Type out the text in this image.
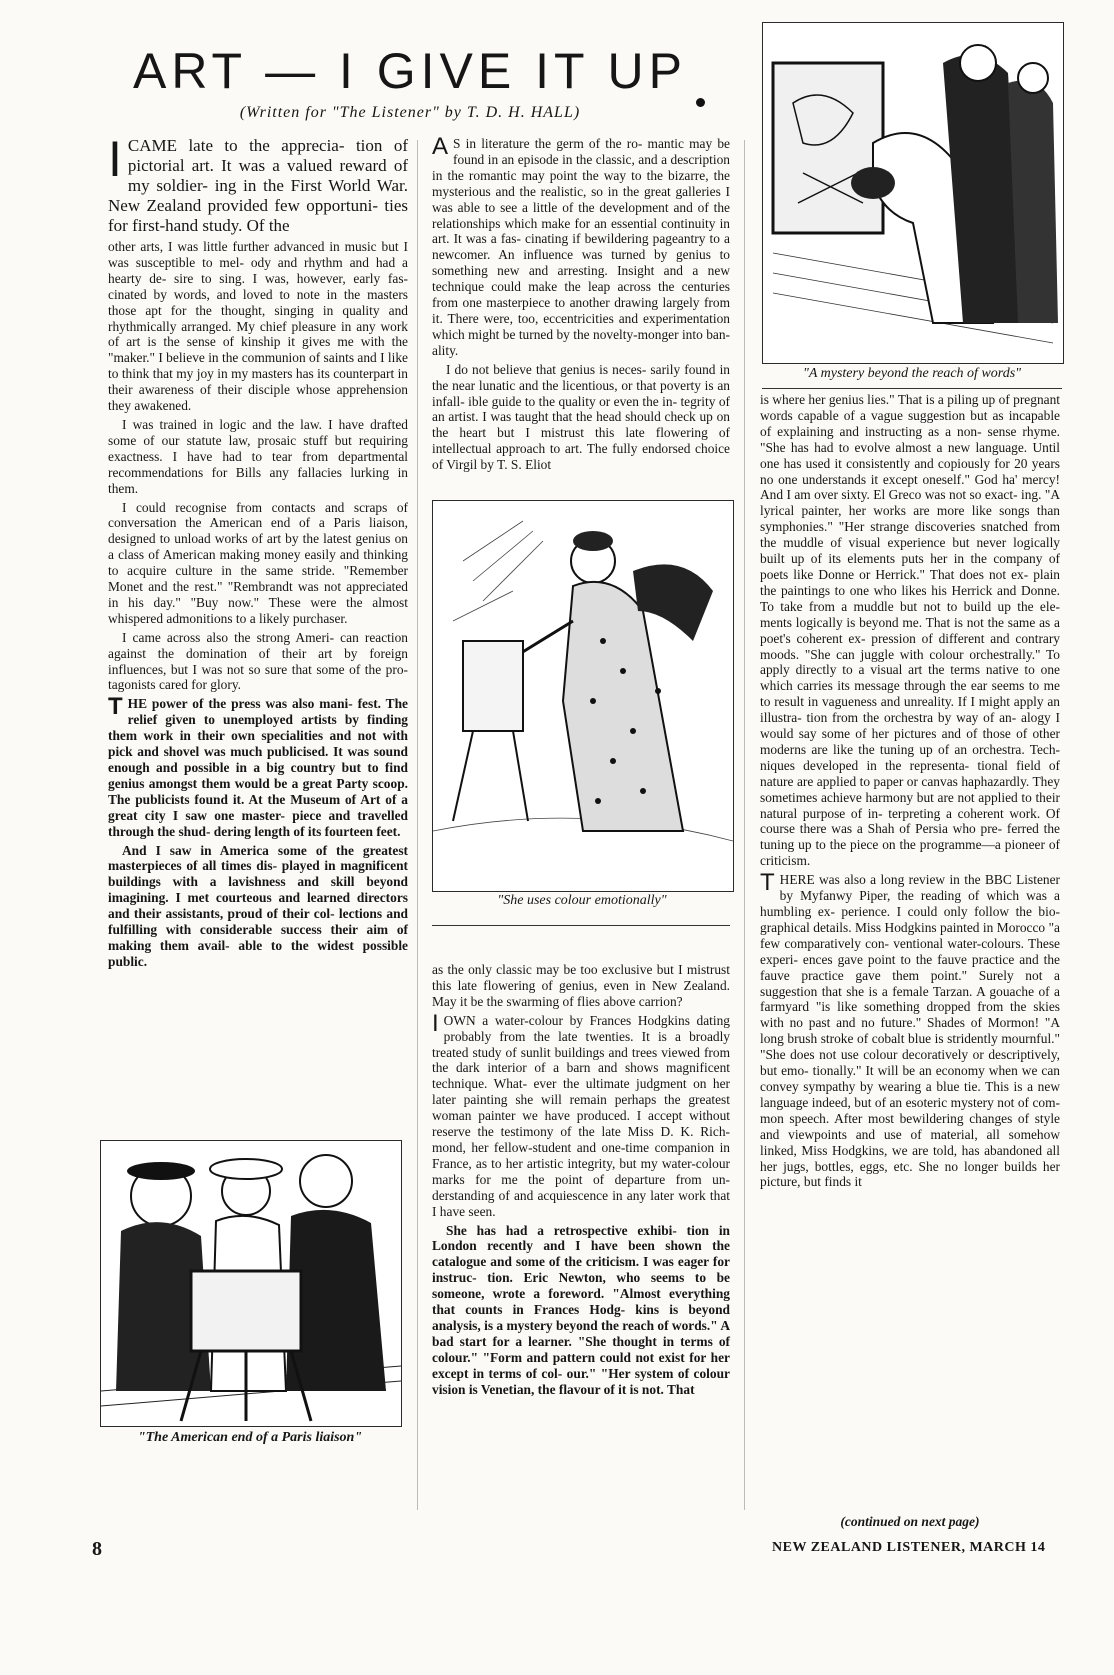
ART — I GIVE IT UP
(Written for "The Listener" by T. D. H. HALL)

ICAME late to the apprecia- tion of pictorial art. It was a valued reward of my soldier- ing in the First World War. New Zealand provided few opportuni- ties for first-hand study. Of the

other arts, I was little further advanced in music but I was susceptible to mel- ody and rhythm and had a hearty de- sire to sing. I was, however, early fas- cinated by words, and loved to note in the masters those apt for the thought, singing in quality and rhythmically arranged. My chief pleasure in any work of art is the sense of kinship it gives me with the "maker." I believe in the communion of saints and I like to think that my joy in my masters has its counterpart in their awareness of their disciple whose apprehension they awakened.

I was trained in logic and the law. I have drafted some of our statute law, prosaic stuff but requiring exactness. I have had to tear from departmental recommendations for Bills any fallacies lurking in them.

I could recognise from contacts and scraps of conversation the American end of a Paris liaison, designed to unload works of art by the latest genius on a class of American making money easily and thinking to acquire culture in the same stride. "Remember Monet and the rest." "Rembrandt was not appreciated in his day." "Buy now." These were the almost whispered admonitions to a likely purchaser.

I came across also the strong Ameri- can reaction against the domination of their art by foreign influences, but I was not so sure that some of the pro- tagonists cared for glory.

THE power of the press was also mani- fest. The relief given to unemployed artists by finding them work in their own specialities and not with pick and shovel was much publicised. It was sound enough and possible in a big country but to find genius amongst them would be a great Party scoop. The publicists found it. At the Museum of Art of a great city I saw one master- piece and travelled through the shud- dering length of its fourteen feet.

And I saw in America some of the greatest masterpieces of all times dis- played in magnificent buildings with a lavishness and skill beyond imagining. I met courteous and learned directors and their assistants, proud of their col- lections and fulfilling with considerable success their aim of making them avail- able to the widest possible public.

"The American end of a Paris liaison"

A S in literature the germ of the ro- mantic may be found in an episode in the classic, and a description in the romantic may point the way to the bizarre, the mysterious and the realistic, so in the great galleries I was able to see a little of the development and of the relationships which make for an essential continuity in art. It was a fas- cinating if bewildering pageantry to a newcomer. An influence was turned by genius to something new and arresting. Insight and a new technique could make the leap across the centuries from one masterpiece to another drawing largely from it. There were, too, eccentricities and experimentation which might be turned by the novelty-monger into ban- ality.

I do not believe that genius is neces- sarily found in the near lunatic and the licentious, or that poverty is an infall- ible guide to the quality or even the in- tegrity of an artist. I was taught that the head should check up on the heart but I mistrust this late flowering of intellectual approach to art. The fully endorsed choice of Virgil by T. S. Eliot

"She uses colour emotionally"

as the only classic may be too exclusive but I mistrust this late flowering of genius, even in New Zealand. May it be the swarming of flies above carrion?

IOWN a water-colour by Frances Hodgkins dating probably from the late twenties. It is a broadly treated study of sunlit buildings and trees viewed from the dark interior of a barn and shows magnificent technique. What- ever the ultimate judgment on her later painting she will remain perhaps the greatest woman painter we have produced. I accept without reserve the testimony of the late Miss D. K. Rich- mond, her fellow-student and one-time companion in France, as to her artistic integrity, but my water-colour marks for me the point of departure from un- derstanding of and acquiescence in any later work that I have seen.

She has had a retrospective exhibi- tion in London recently and I have been shown the catalogue and some of the criticism. I was eager for instruc- tion. Eric Newton, who seems to be someone, wrote a foreword. "Almost everything that counts in Frances Hodg- kins is beyond analysis, is a mystery beyond the reach of words." A bad start for a learner. "She thought in terms of colour." "Form and pattern could not exist for her except in terms of col- our." "Her system of colour vision is Venetian, the flavour of it is not. That

"A mystery beyond the reach of words"

is where her genius lies." That is a piling up of pregnant words capable of a vague suggestion but as incapable of explaining and instructing as a non- sense rhyme. "She has had to evolve almost a new language. Until one has used it consistently and copiously for 20 years no one understands it except oneself." God ha' mercy! And I am over sixty. El Greco was not so exact- ing. "A lyrical painter, her works are more like songs than symphonies." "Her strange discoveries snatched from the muddle of visual experience but never logically built up of its elements puts her in the company of poets like Donne or Herrick." That does not ex- plain the paintings to one who likes his Herrick and Donne. To take from a muddle but not to build up the ele- ments logically is beyond me. That is not the same as a poet's coherent ex- pression of different and contrary moods. "She can juggle with colour orchestrally." To apply directly to a visual art the terms native to one which carries its message through the ear seems to me to result in vagueness and unreality. If I might apply an illustra- tion from the orchestra by way of an- alogy I would say some of her pictures and of those of other moderns are like the tuning up of an orchestra. Tech- niques developed in the representa- tional field of nature are applied to paper or canvas haphazardly. They sometimes achieve harmony but are not applied to their natural purpose of in- terpreting a coherent work. Of course there was a Shah of Persia who pre- ferred the tuning up to the piece on the programme—a pioneer of criticism.

THERE was also a long review in the BBC Listener by Myfanwy Piper, the reading of which was a humbling ex- perience. I could only follow the bio- graphical details. Miss Hodgkins painted in Morocco "a few comparatively con- ventional water-colours. These experi- ences gave point to the fauve practice and the fauve practice gave them point." Surely not a suggestion that she is a female Tarzan. A gouache of a farmyard "is like something dropped from the skies with no past and no future." Shades of Mormon! "A long brush stroke of cobalt blue is stridently mournful." "She does not use colour decoratively or descriptively, but emo- tionally." It will be an economy when we can convey sympathy by wearing a blue tie. This is a new language indeed, but of an esoteric mystery not of com- mon speech. After most bewildering changes of style and viewpoints and use of material, all somehow linked, Miss Hodgkins, we are told, has abandoned all her jugs, bottles, eggs, etc. She no longer builds her picture, but finds it

(continued on next page)
8	NEW ZEALAND LISTENER, MARCH 14
